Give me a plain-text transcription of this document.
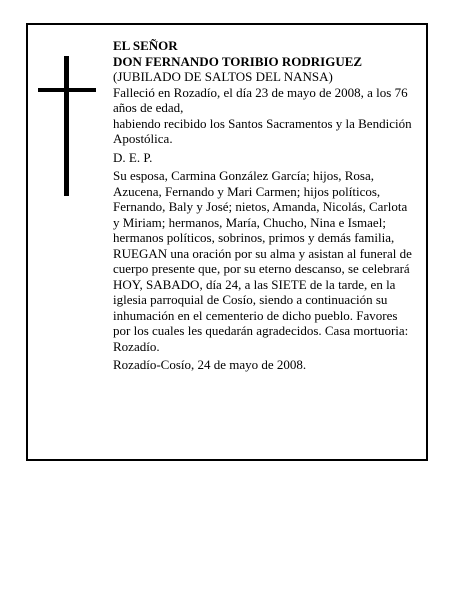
EL SEÑOR

DON FERNANDO TORIBIO RODRIGUEZ

(JUBILADO DE SALTOS DEL NANSA)

Falleció en Rozadío, el día 23 de mayo de 2008, a los 76 años de edad,

habiendo recibido los Santos Sacramentos y la Bendición Apostólica.

D. E. P.

Su esposa, Carmina González García; hijos, Rosa, Azucena, Fernando y Mari Carmen; hijos políticos, Fernando, Baly y José; nietos, Amanda, Nicolás, Carlota y Miriam; hermanos, María, Chucho, Nina e Ismael; hermanos políticos, sobrinos, primos y demás familia,

RUEGAN una oración por su alma y asistan al funeral de cuerpo presente que, por su eterno descanso, se celebrará HOY, SABADO, día 24, a las SIETE de la tarde, en la iglesia parroquial de Cosío, siendo a continuación su inhumación en el cementerio de dicho pueblo. Favores por los cuales les quedarán agradecidos. Casa mortuoria: Rozadío.

Rozadío-Cosío, 24 de mayo de 2008.
